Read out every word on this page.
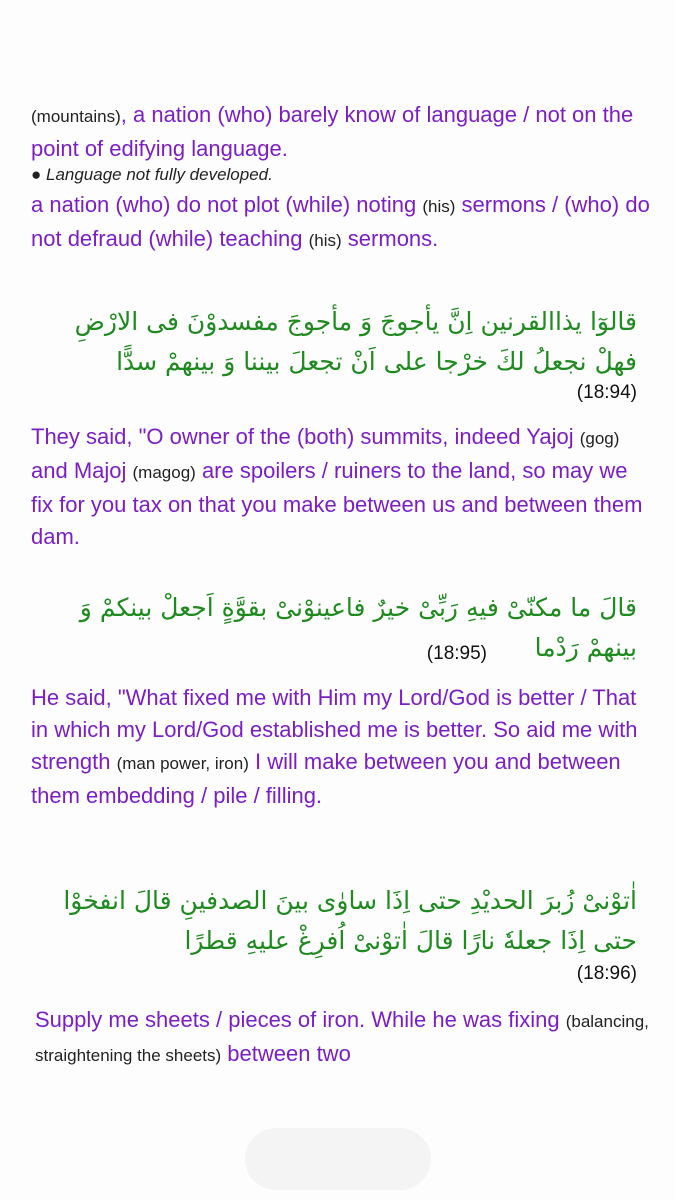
(mountains), a nation (who) barely know of language / not on the point of edifying language.
● Language not fully developed.
a nation (who) do not plot (while) noting (his) sermons / (who) do not defraud (while) teaching (his) sermons.
قالوٓا يذاالقرنين اِنَّ يأجوجَ وَ مأجوجَ مفسدوْنَ فى الارْضِ فهلْ نجعلُ لكَ خرْجا على اَنْ تجعلَ بيننا وَ بينهمْ سدًّا
(18:94)
They said, "O owner of the (both) summits, indeed Yajoj (gog) and Majoj (magog) are spoilers / ruiners to the land, so may we fix for you tax on that you make between us and between them dam.
قالَ ما مكنّىْ فيهِ رَبِّىْ خيرٌ فاعينوْنىْ بقوَّةٍ اَجعلْ بينكمْ وَ بينهمْ رَدْما
(18:95)
He said, "What fixed me with Him my Lord/God is better / That in which my Lord/God established me is better. So aid me with strength (man power, iron) I will make between you and between them embedding / pile / filling.
اٰتوْنىْ زُبرَ الحديْدِ حتى اِذَا ساوٰى بينَ الصدفينِ قالَ انفخوْا حتى اِذَا جعلهٗ نارًا قالَ اٰتوْنىْ اُفرِغْ عليهِ قطرًا
(18:96)
Supply me sheets / pieces of iron. While he was fixing (balancing, straightening the sheets) between two
